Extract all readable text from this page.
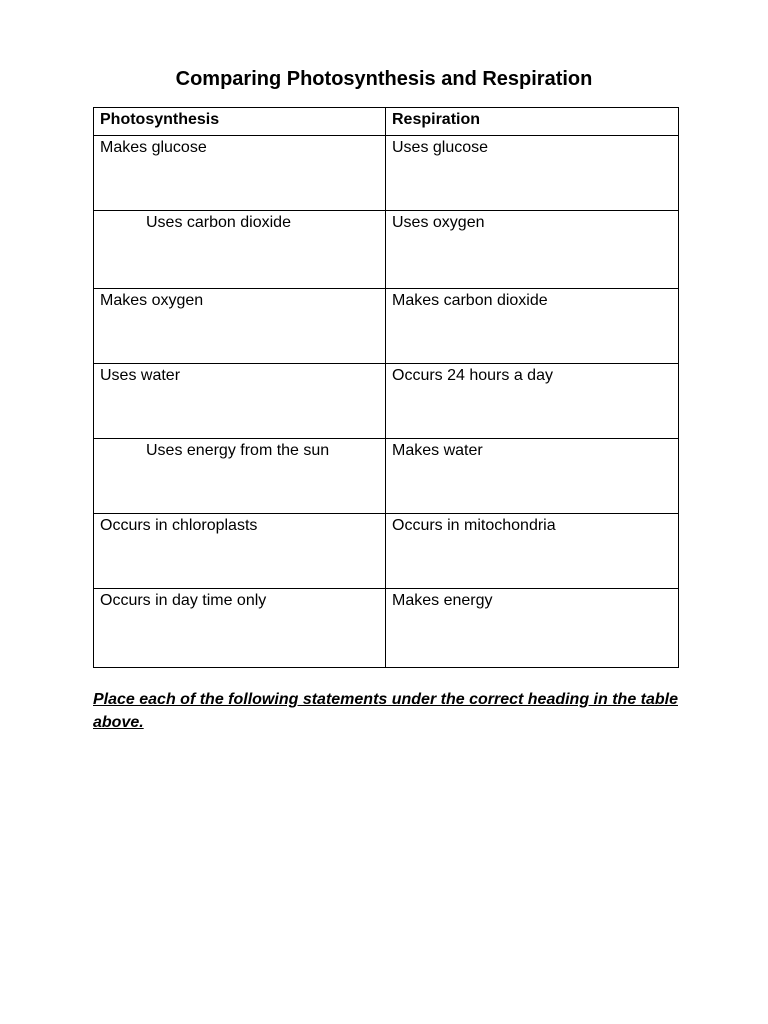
Comparing Photosynthesis and Respiration
Photosynthesis	Respiration
Makes glucose	Uses glucose
Uses carbon dioxide	Uses oxygen
Makes oxygen	Makes carbon dioxide
Uses water	Occurs 24 hours a day
Uses energy from the sun	Makes water
Occurs in chloroplasts	Occurs in mitochondria
Occurs in day time only	Makes energy

Place each of the following statements under the correct heading in the table above.
